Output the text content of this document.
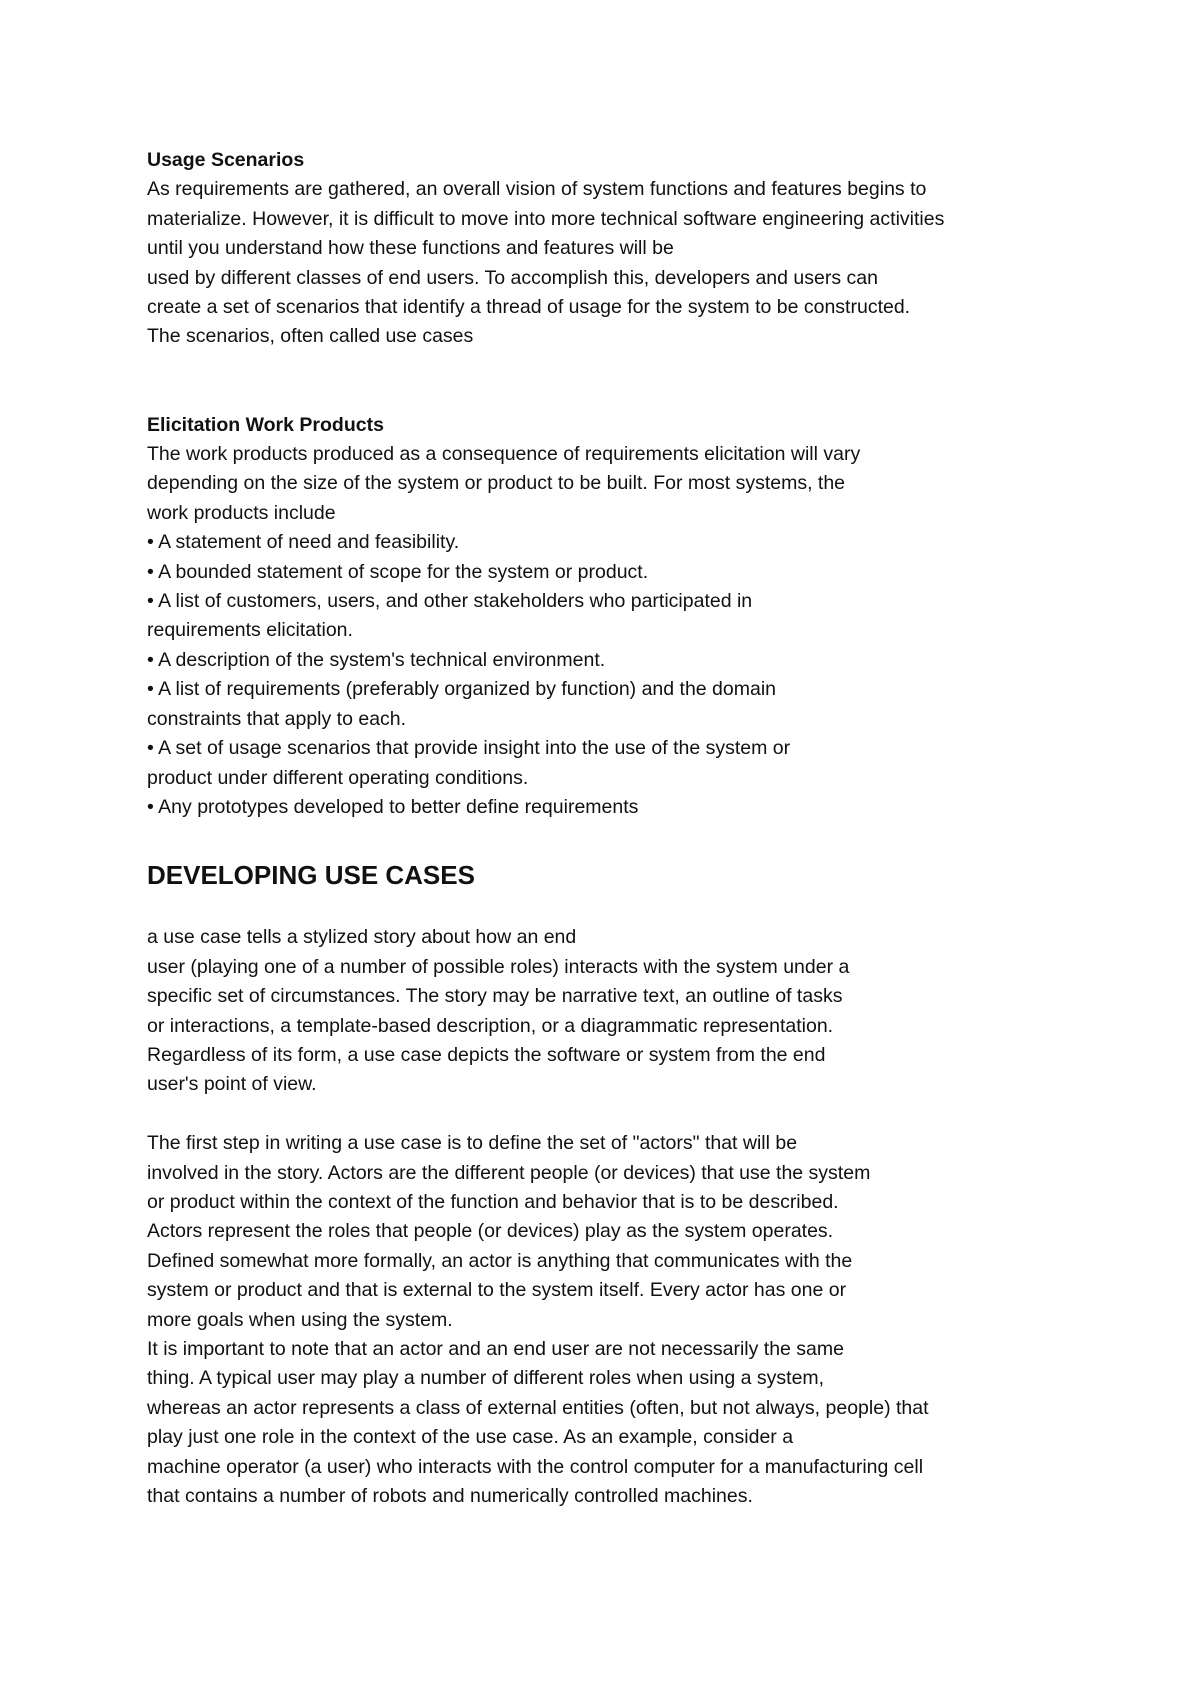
Usage Scenarios
As requirements are gathered, an overall vision of system functions and features begins to
materialize. However, it is difficult to move into more technical software engineering activities
until you understand how these functions and features will be
used by different classes of end users. To accomplish this, developers and users can
create a set of scenarios that identify a thread of usage for the system to be constructed.
The scenarios, often called use cases
Elicitation Work Products
The work products produced as a consequence of requirements elicitation will vary
depending on the size of the system or product to be built. For most systems, the
work products include
• A statement of need and feasibility.
• A bounded statement of scope for the system or product.
• A list of customers, users, and other stakeholders who participated in
requirements elicitation.
• A description of the system's technical environment.
• A list of requirements (preferably organized by function) and the domain
constraints that apply to each.
• A set of usage scenarios that provide insight into the use of the system or
product under different operating conditions.
• Any prototypes developed to better define requirements
DEVELOPING USE CASES
a use case tells a stylized story about how an end
user (playing one of a number of possible roles) interacts with the system under a
specific set of circumstances. The story may be narrative text, an outline of tasks
or interactions, a template-based description, or a diagrammatic representation.
Regardless of its form, a use case depicts the software or system from the end
user's point of view.
The first step in writing a use case is to define the set of "actors" that will be
involved in the story. Actors are the different people (or devices) that use the system
or product within the context of the function and behavior that is to be described.
Actors represent the roles that people (or devices) play as the system operates.
Defined somewhat more formally, an actor is anything that communicates with the
system or product and that is external to the system itself. Every actor has one or
more goals when using the system.
It is important to note that an actor and an end user are not necessarily the same
thing. A typical user may play a number of different roles when using a system,
whereas an actor represents a class of external entities (often, but not always, people) that
play just one role in the context of the use case. As an example, consider a
machine operator (a user) who interacts with the control computer for a manufacturing cell
that contains a number of robots and numerically controlled machines.
